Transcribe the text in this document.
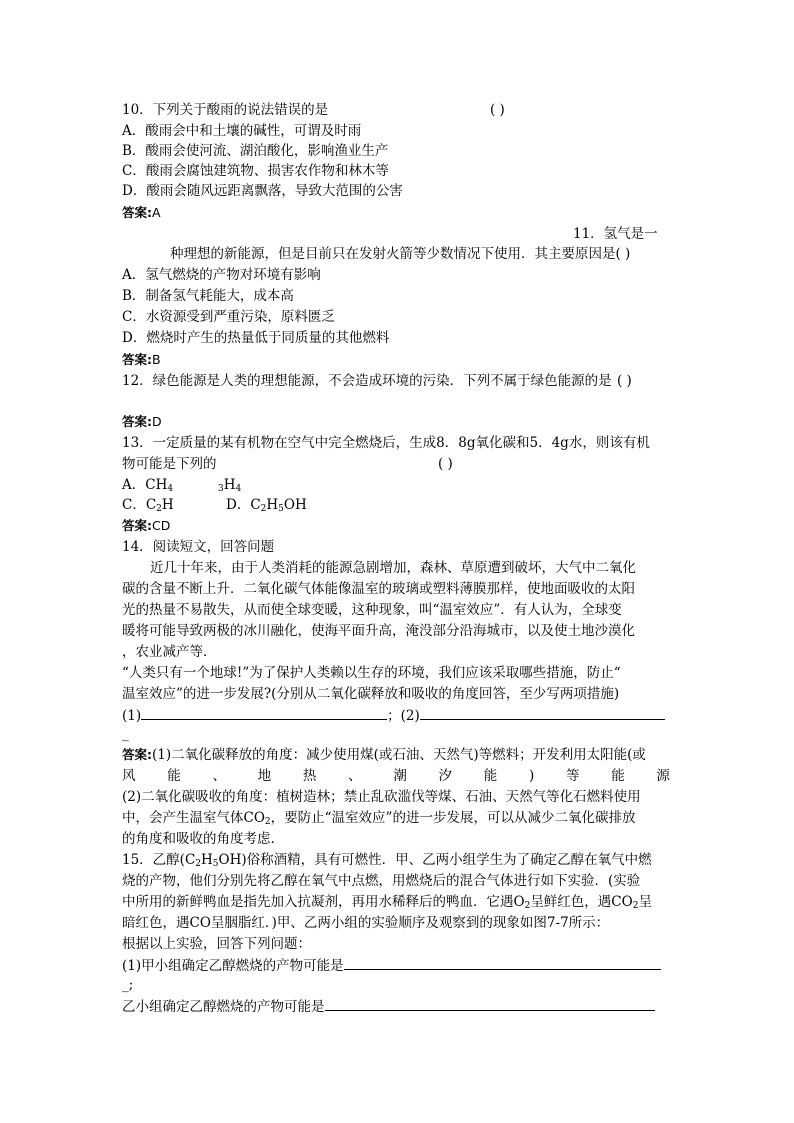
10．下列关于酸雨的说法错误的是	( )
A．酸雨会中和土壤的碱性，可谓及时雨
B．酸雨会使河流、湖泊酸化，影响渔业生产
C．酸雨会腐蚀建筑物、损害农作物和林木等
D．酸雨会随风远距离飘落，导致大范围的公害
答案:A
11．氢气是一
种理想的新能源，但是目前只在发射火箭等少数情况下使用．其主要原因是( )
A．氢气燃烧的产物对环境有影响
B．制备氢气耗能大，成本高
C．水资源受到严重污染，原料匮乏
D．燃烧时产生的热量低于同质量的其他燃料
答案:B
12．绿色能源是人类的理想能源，不会造成环境的污染．下列不属于绿色能源的是 ( )
答案:D
13．一定质量的某有机物在空气中完全燃烧后，生成8．8g氧化碳和5．4g水，则该有机
物可能是下列的	( )
A．$CH_4$	$_3H_4$
C．$C_2H$	D．$C_2H_5OH$
答案:CD
14．阅读短文，回答问题
近几十年来，由于人类消耗的能源急剧增加，森林、草原遭到破坏，大气中二氧化
碳的含量不断上升．二氧化碳气体能像温室的玻璃或塑料薄膜那样，使地面吸收的太阳
光的热量不易散失，从而使全球变暖，这种现象，叫“温室效应”．有人认为，全球变
暖将可能导致两极的冰川融化，使海平面升高，淹没部分沿海城市，以及使土地沙漠化
，农业减产等．
“人类只有一个地球!”为了保护人类赖以生存的环境，我们应该采取哪些措施，防止“
温室效应”的进一步发展?(分别从二氧化碳释放和吸收的角度回答，至少写两项措施)
(1)	；(2)
_
答案:(1)二氧化碳释放的角度：减少使用煤(或石油、天然气)等燃料；开发利用太阳能(或
风 能 、 地 热 、 潮 汐 能 ) 等 能 源
(2)二氧化碳吸收的角度：植树造林；禁止乱砍滥伐等煤、石油、天然气等化石燃料使用
中，会产生温室气体$CO_2$，要防止“温室效应”的进一步发展，可以从减少二氧化碳排放
的角度和吸收的角度考虑.
15．乙醇$(C_2H_5OH)$俗称酒精，具有可燃性．甲、乙两小组学生为了确定乙醇在氧气中燃
烧的产物，他们分别先将乙醇在氧气中点燃，用燃烧后的混合气体进行如下实验．(实验
中所用的新鲜鸭血是指先加入抗凝剂，再用水稀释后的鸭血．它遇$O_2$呈鲜红色，遇$CO_2$呈
暗红色，遇CO呈胭脂红．)甲、乙两小组的实验顺序及观察到的现象如图7-7所示：
根据以上实验，回答下列问题：
(1)甲小组确定乙醇燃烧的产物可能是
_;
乙小组确定乙醇燃烧的产物可能是
